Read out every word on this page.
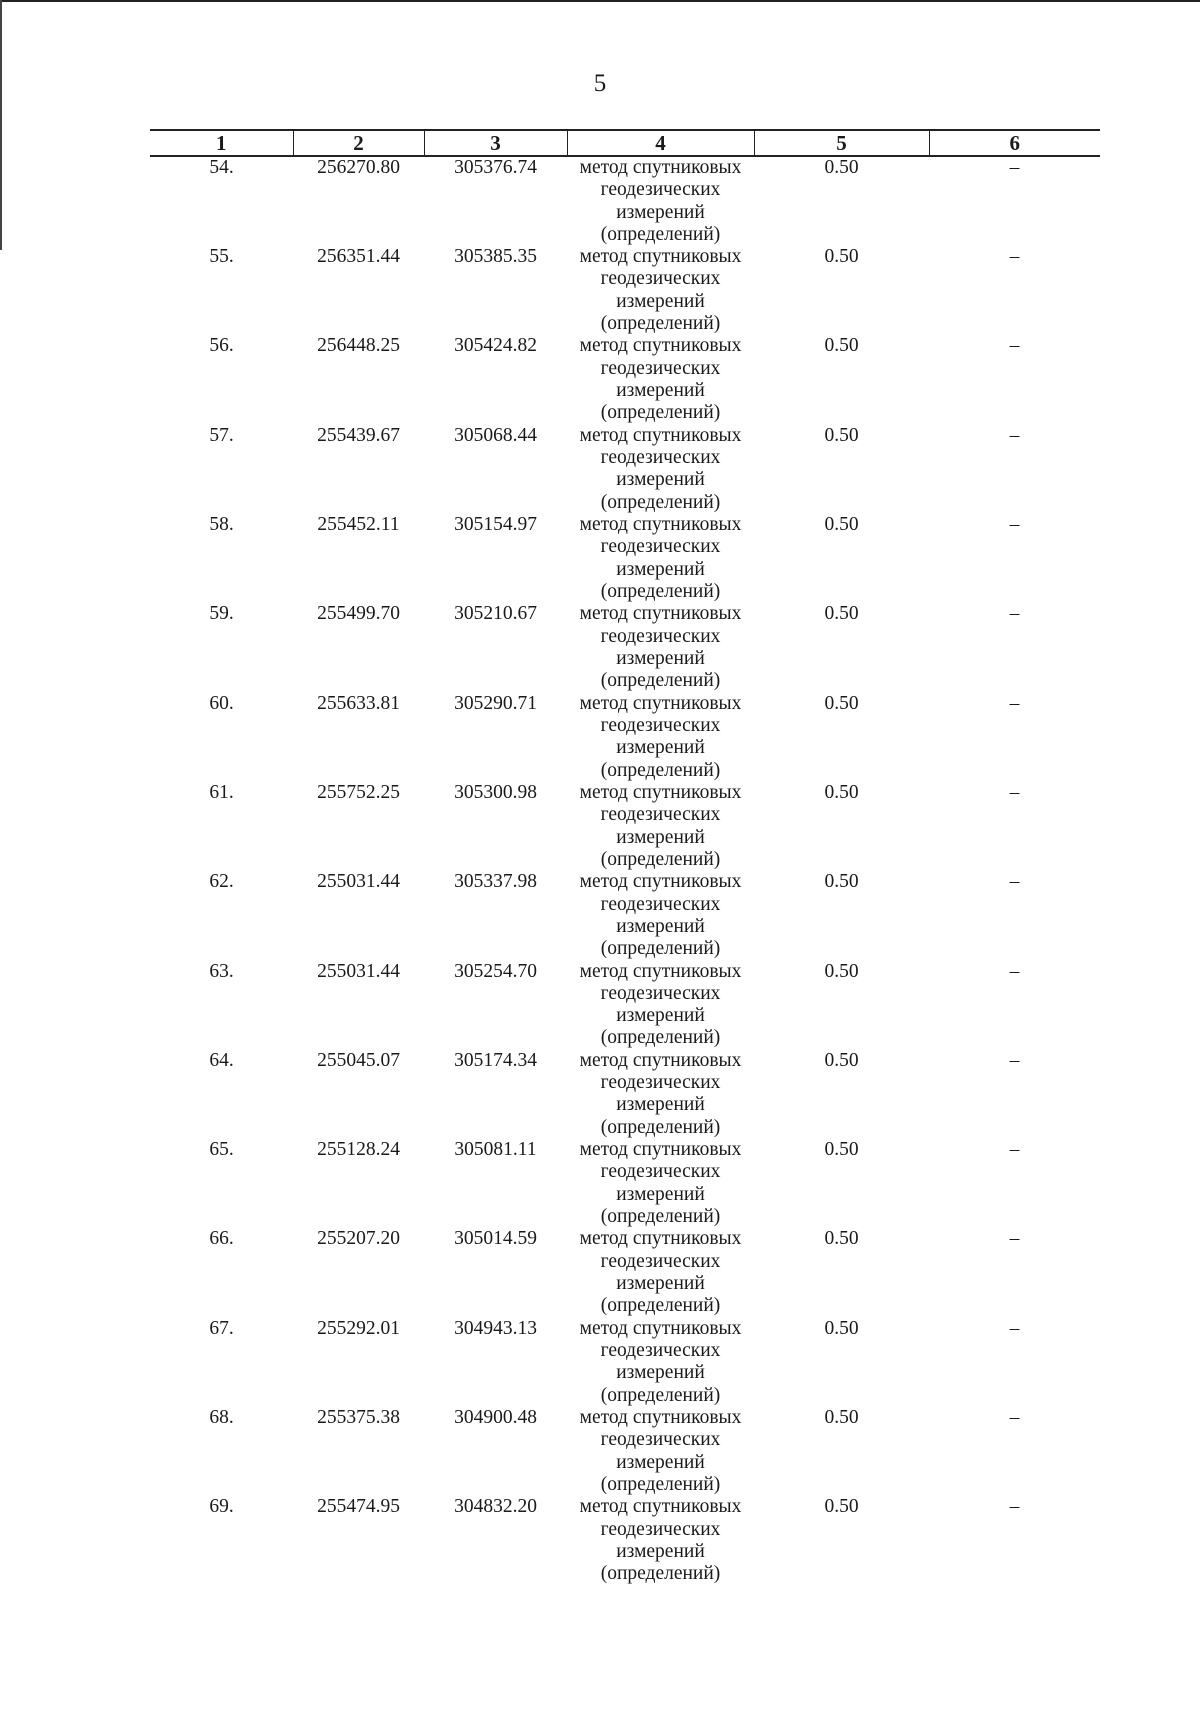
5
1	2	3	4	5	6
54.	256270.80	305376.74	метод спутниковых
геодезических
измерений
(определений)	0.50	–
55.	256351.44	305385.35	метод спутниковых
геодезических
измерений
(определений)	0.50	–
56.	256448.25	305424.82	метод спутниковых
геодезических
измерений
(определений)	0.50	–
57.	255439.67	305068.44	метод спутниковых
геодезических
измерений
(определений)	0.50	–
58.	255452.11	305154.97	метод спутниковых
геодезических
измерений
(определений)	0.50	–
59.	255499.70	305210.67	метод спутниковых
геодезических
измерений
(определений)	0.50	–
60.	255633.81	305290.71	метод спутниковых
геодезических
измерений
(определений)	0.50	–
61.	255752.25	305300.98	метод спутниковых
геодезических
измерений
(определений)	0.50	–
62.	255031.44	305337.98	метод спутниковых
геодезических
измерений
(определений)	0.50	–
63.	255031.44	305254.70	метод спутниковых
геодезических
измерений
(определений)	0.50	–
64.	255045.07	305174.34	метод спутниковых
геодезических
измерений
(определений)	0.50	–
65.	255128.24	305081.11	метод спутниковых
геодезических
измерений
(определений)	0.50	–
66.	255207.20	305014.59	метод спутниковых
геодезических
измерений
(определений)	0.50	–
67.	255292.01	304943.13	метод спутниковых
геодезических
измерений
(определений)	0.50	–
68.	255375.38	304900.48	метод спутниковых
геодезических
измерений
(определений)	0.50	–
69.	255474.95	304832.20	метод спутниковых
геодезических
измерений
(определений)	0.50	–
